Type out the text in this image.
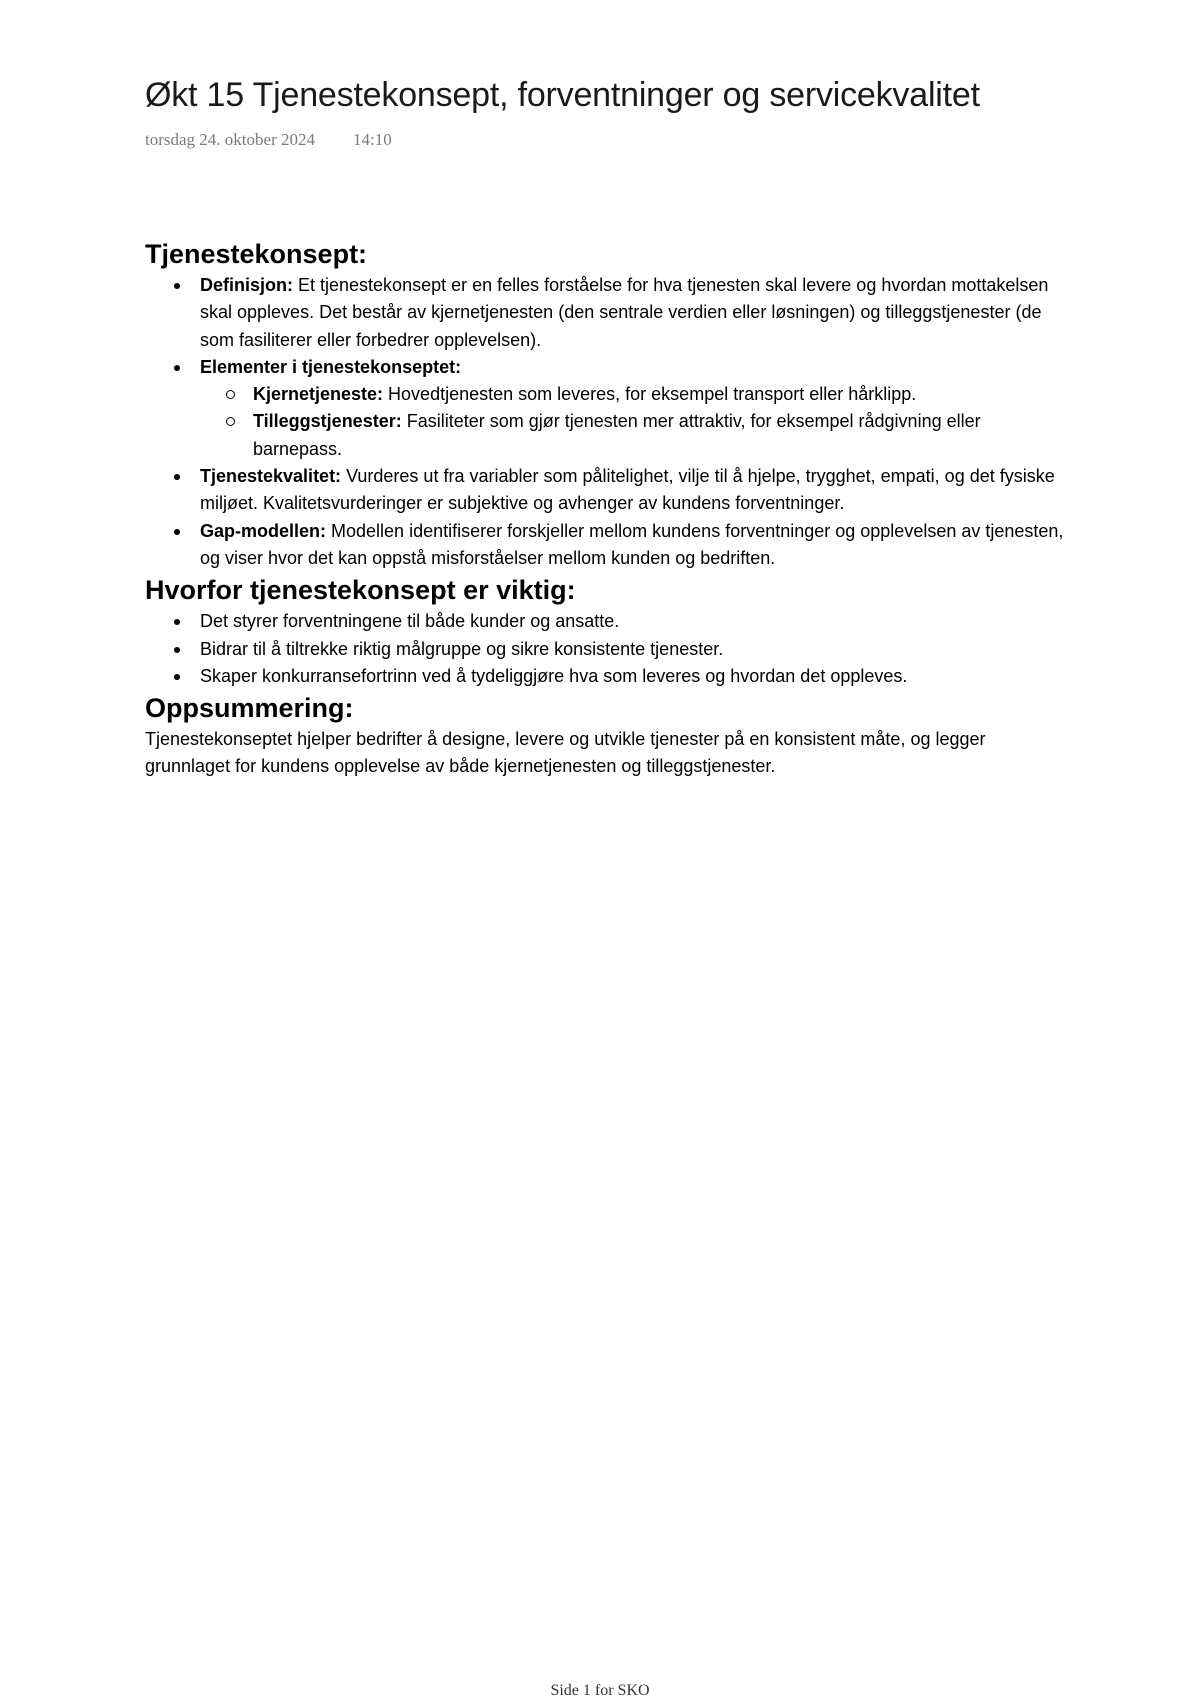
Økt 15 Tjenestekonsept, forventninger og servicekvalitet
torsdag 24. oktober 2024 14:10
Tjenestekonsept:
Definisjon: Et tjenestekonsept er en felles forståelse for hva tjenesten skal levere og hvordan mottakelsen skal oppleves. Det består av kjernetjenesten (den sentrale verdien eller løsningen) og tilleggstjenester (de som fasiliterer eller forbedrer opplevelsen).
Elementer i tjenestekonseptet:
Kjernetjeneste: Hovedtjenesten som leveres, for eksempel transport eller hårklipp.
Tilleggstjenester: Fasiliteter som gjør tjenesten mer attraktiv, for eksempel rådgivning eller barnepass.
Tjenestekvalitet: Vurderes ut fra variabler som pålitelighet, vilje til å hjelpe, trygghet, empati, og det fysiske miljøet. Kvalitetsvurderinger er subjektive og avhenger av kundens forventninger.
Gap-modellen: Modellen identifiserer forskjeller mellom kundens forventninger og opplevelsen av tjenesten, og viser hvor det kan oppstå misforståelser mellom kunden og bedriften.
Hvorfor tjenestekonsept er viktig:
Det styrer forventningene til både kunder og ansatte.
Bidrar til å tiltrekke riktig målgruppe og sikre konsistente tjenester.
Skaper konkurransefortrinn ved å tydeliggjøre hva som leveres og hvordan det oppleves.
Oppsummering:
Tjenestekonseptet hjelper bedrifter å designe, levere og utvikle tjenester på en konsistent måte, og legger grunnlaget for kundens opplevelse av både kjernetjenesten og tilleggstjenester.
Side 1 for SKO
